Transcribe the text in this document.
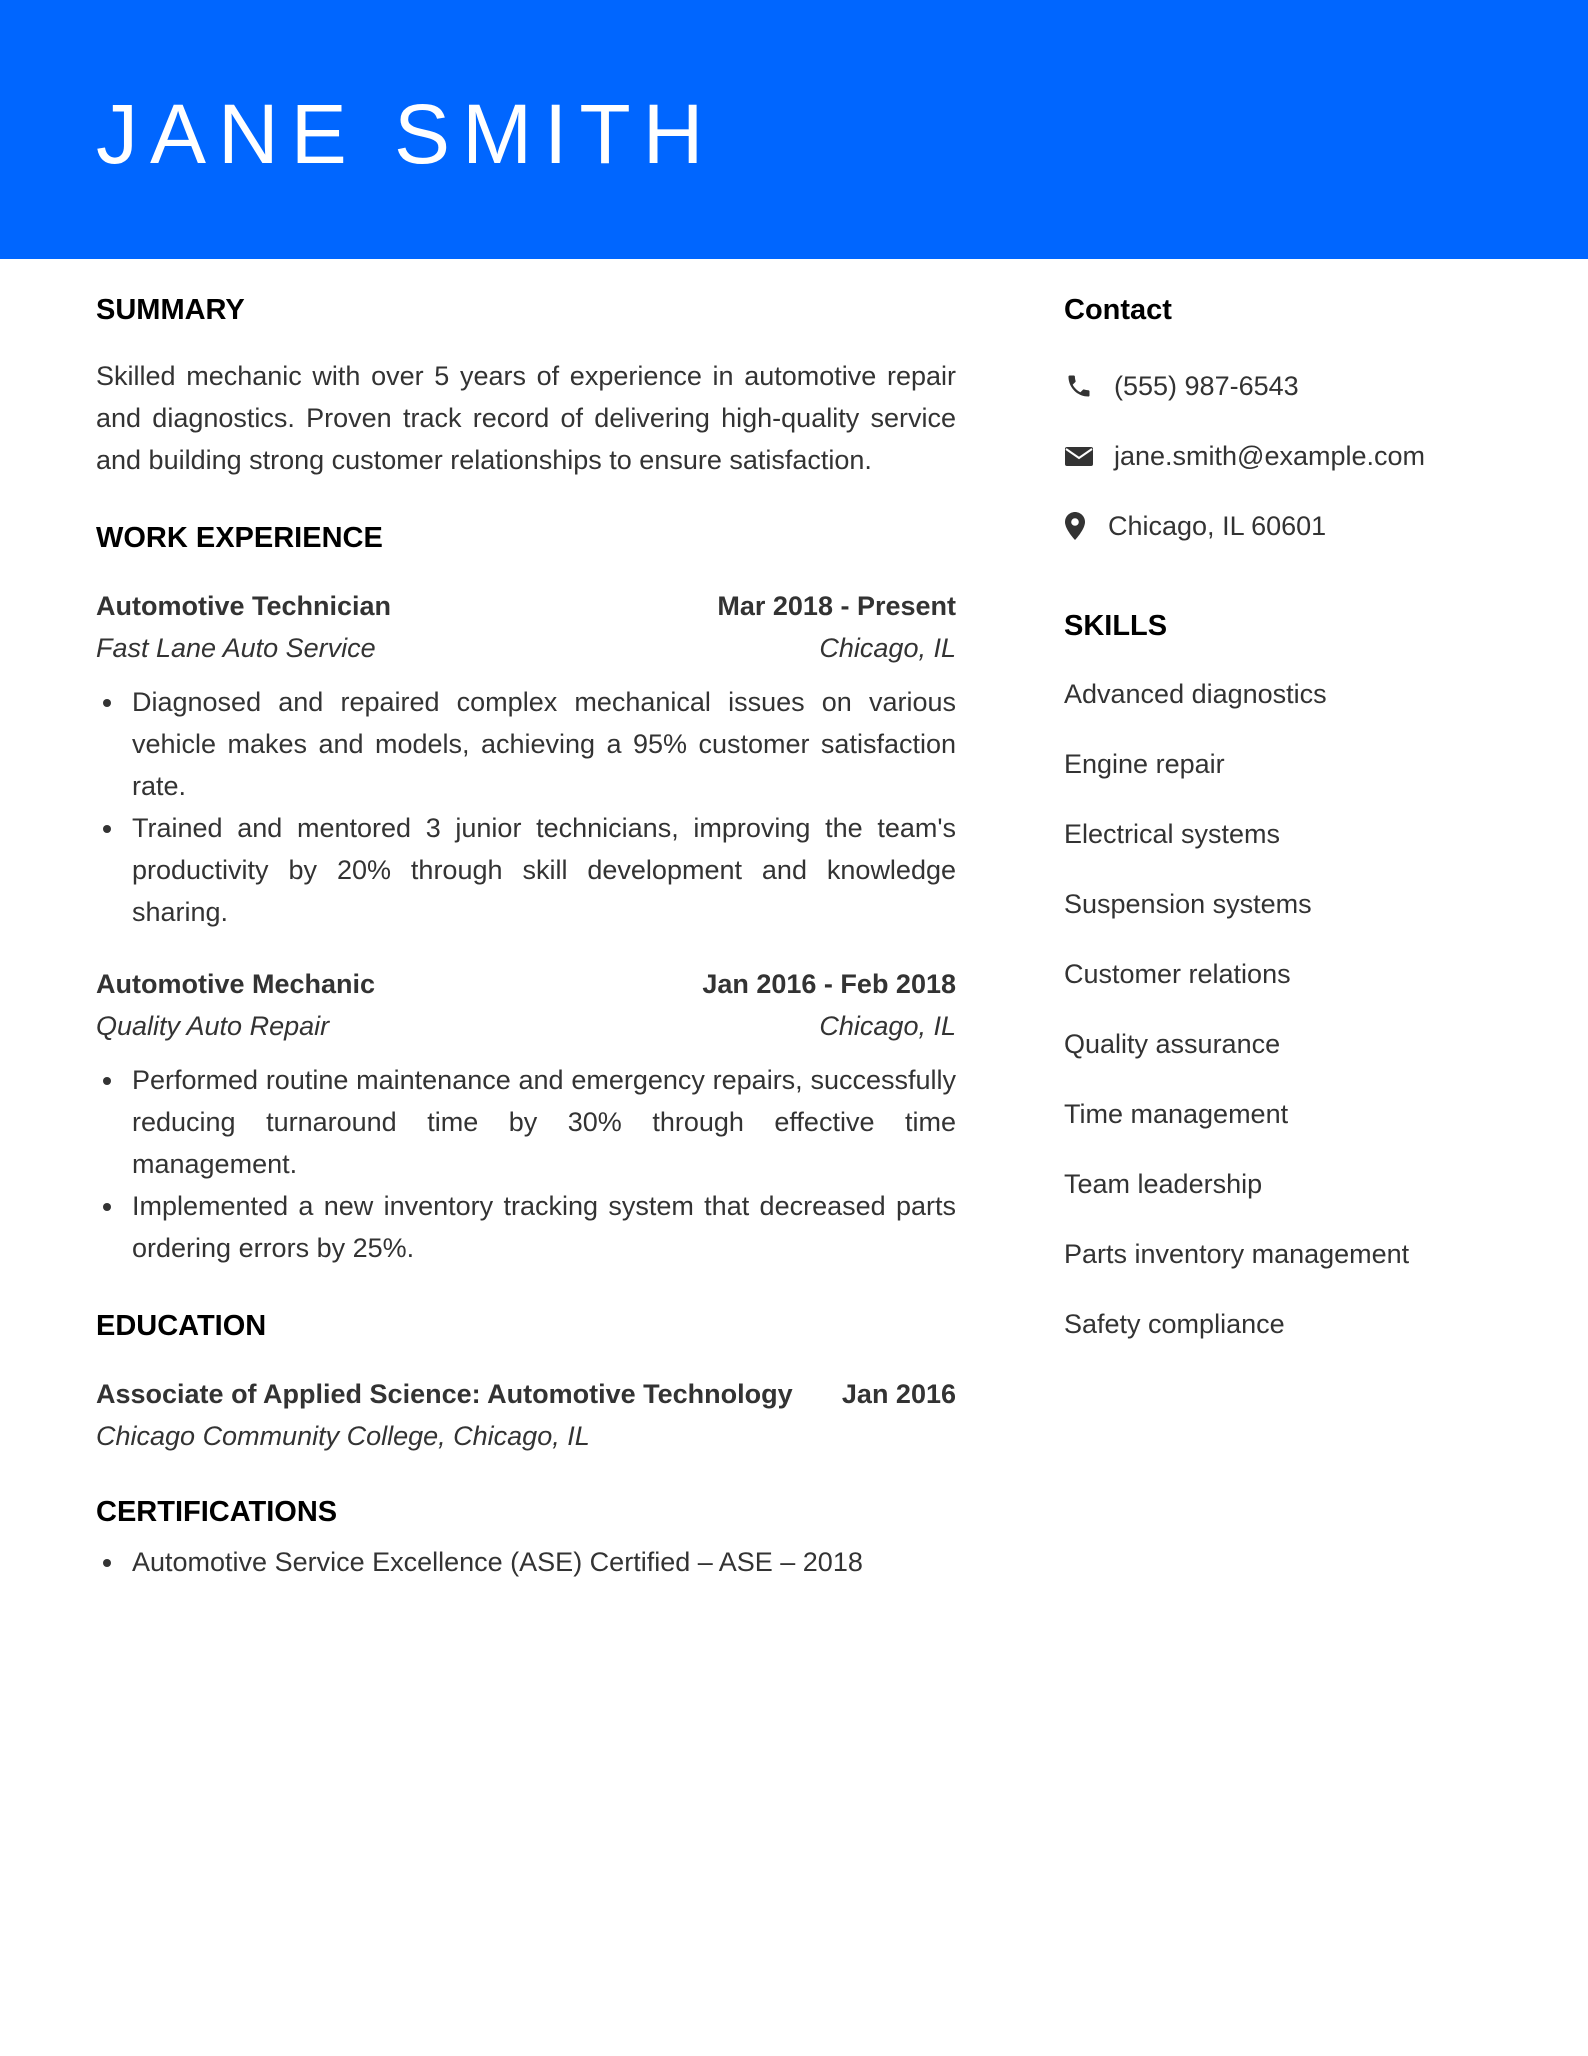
JANE SMITH
SUMMARY
Skilled mechanic with over 5 years of experience in automotive repair and diagnostics. Proven track record of delivering high-quality service and building strong customer relationships to ensure satisfaction.
WORK EXPERIENCE
Automotive Technician	Mar 2018 - Present
Fast Lane Auto Service	Chicago, IL
Diagnosed and repaired complex mechanical issues on various vehicle makes and models, achieving a 95% customer satisfaction rate.
Trained and mentored 3 junior technicians, improving the team's productivity by 20% through skill development and knowledge sharing.
Automotive Mechanic	Jan 2016 - Feb 2018
Quality Auto Repair	Chicago, IL
Performed routine maintenance and emergency repairs, successfully reducing turnaround time by 30% through effective time management.
Implemented a new inventory tracking system that decreased parts ordering errors by 25%.
EDUCATION
Associate of Applied Science: Automotive Technology Jan 2016
Chicago Community College, Chicago, IL
CERTIFICATIONS
Automotive Service Excellence (ASE) Certified – ASE – 2018
Contact
(555) 987-6543
jane.smith@example.com
Chicago, IL 60601
SKILLS
Advanced diagnostics
Engine repair
Electrical systems
Suspension systems
Customer relations
Quality assurance
Time management
Team leadership
Parts inventory management
Safety compliance
